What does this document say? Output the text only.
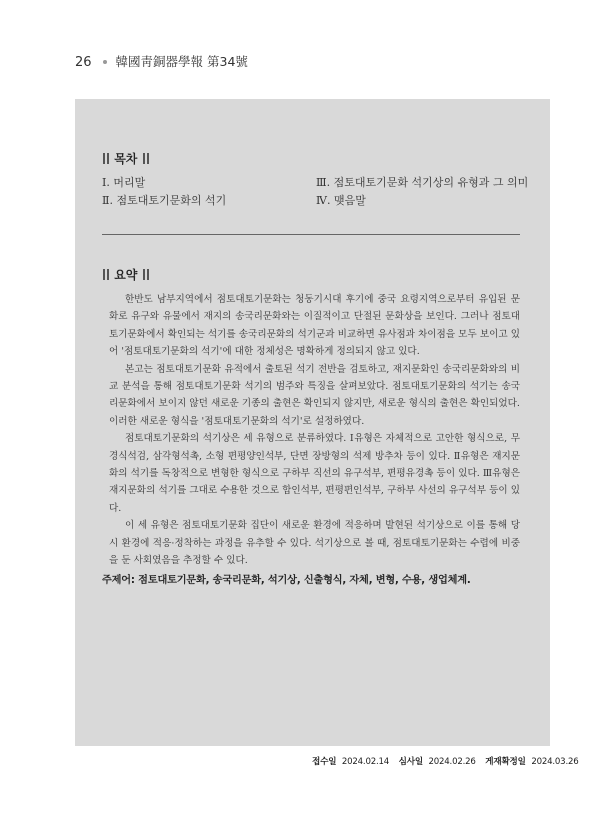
26 韓國靑銅器學報 第34號
목차
Ⅰ. 머리말
Ⅱ. 점토대토기문화의 석기
Ⅲ. 점토대토기문화 석기상의 유형과 그 의미
Ⅳ. 맺음말
요약

한반도 남부지역에서 점토대토기문화는 청동기시대 후기에 중국 요령지역으로부터 유입된 문화로 유구와 유물에서 재지의 송국리문화와는 이질적이고 단절된 문화상을 보인다. 그러나 점토대토기문화에서 확인되는 석기를 송국리문화의 석기군과 비교하면 유사점과 차이점을 모두 보이고 있어 '점토대토기문화의 석기'에 대한 정체성은 명확하게 정의되지 않고 있다.

본고는 점토대토기문화 유적에서 출토된 석기 전반을 검토하고, 재지문화인 송국리문화와의 비교 분석을 통해 점토대토기문화 석기의 범주와 특징을 살펴보았다. 점토대토기문화의 석기는 송국리문화에서 보이지 않던 새로운 기종의 출현은 확인되지 않지만, 새로운 형식의 출현은 확인되었다. 이러한 새로운 형식을 '점토대토기문화의 석기'로 설정하였다.

점토대토기문화의 석기상은 세 유형으로 분류하였다. Ⅰ유형은 자체적으로 고안한 형식으로, 무경식석검, 삼각형석촉, 소형 편평양인석부, 단면 장방형의 석제 방추차 등이 있다. Ⅱ유형은 재지문화의 석기를 독창적으로 변형한 형식으로 구하부 직선의 유구석부, 편평유경촉 등이 있다. Ⅲ유형은 재지문화의 석기를 그대로 수용한 것으로 합인석부, 편평편인석부, 구하부 사선의 유구석부 등이 있다.

이 세 유형은 점토대토기문화 집단이 새로운 환경에 적응하며 발현된 석기상으로 이를 통해 당시 환경에 적응·정착하는 과정을 유추할 수 있다. 석기상으로 볼 때, 점토대토기문화는 수렵에 비중을 둔 사회였음을 추정할 수 있다.

주제어: 점토대토기문화, 송국리문화, 석기상, 신출형식, 자체, 변형, 수용, 생업체계.
접수일 2024.02.14 심사일 2024.02.26 게재확정일 2024.03.26
